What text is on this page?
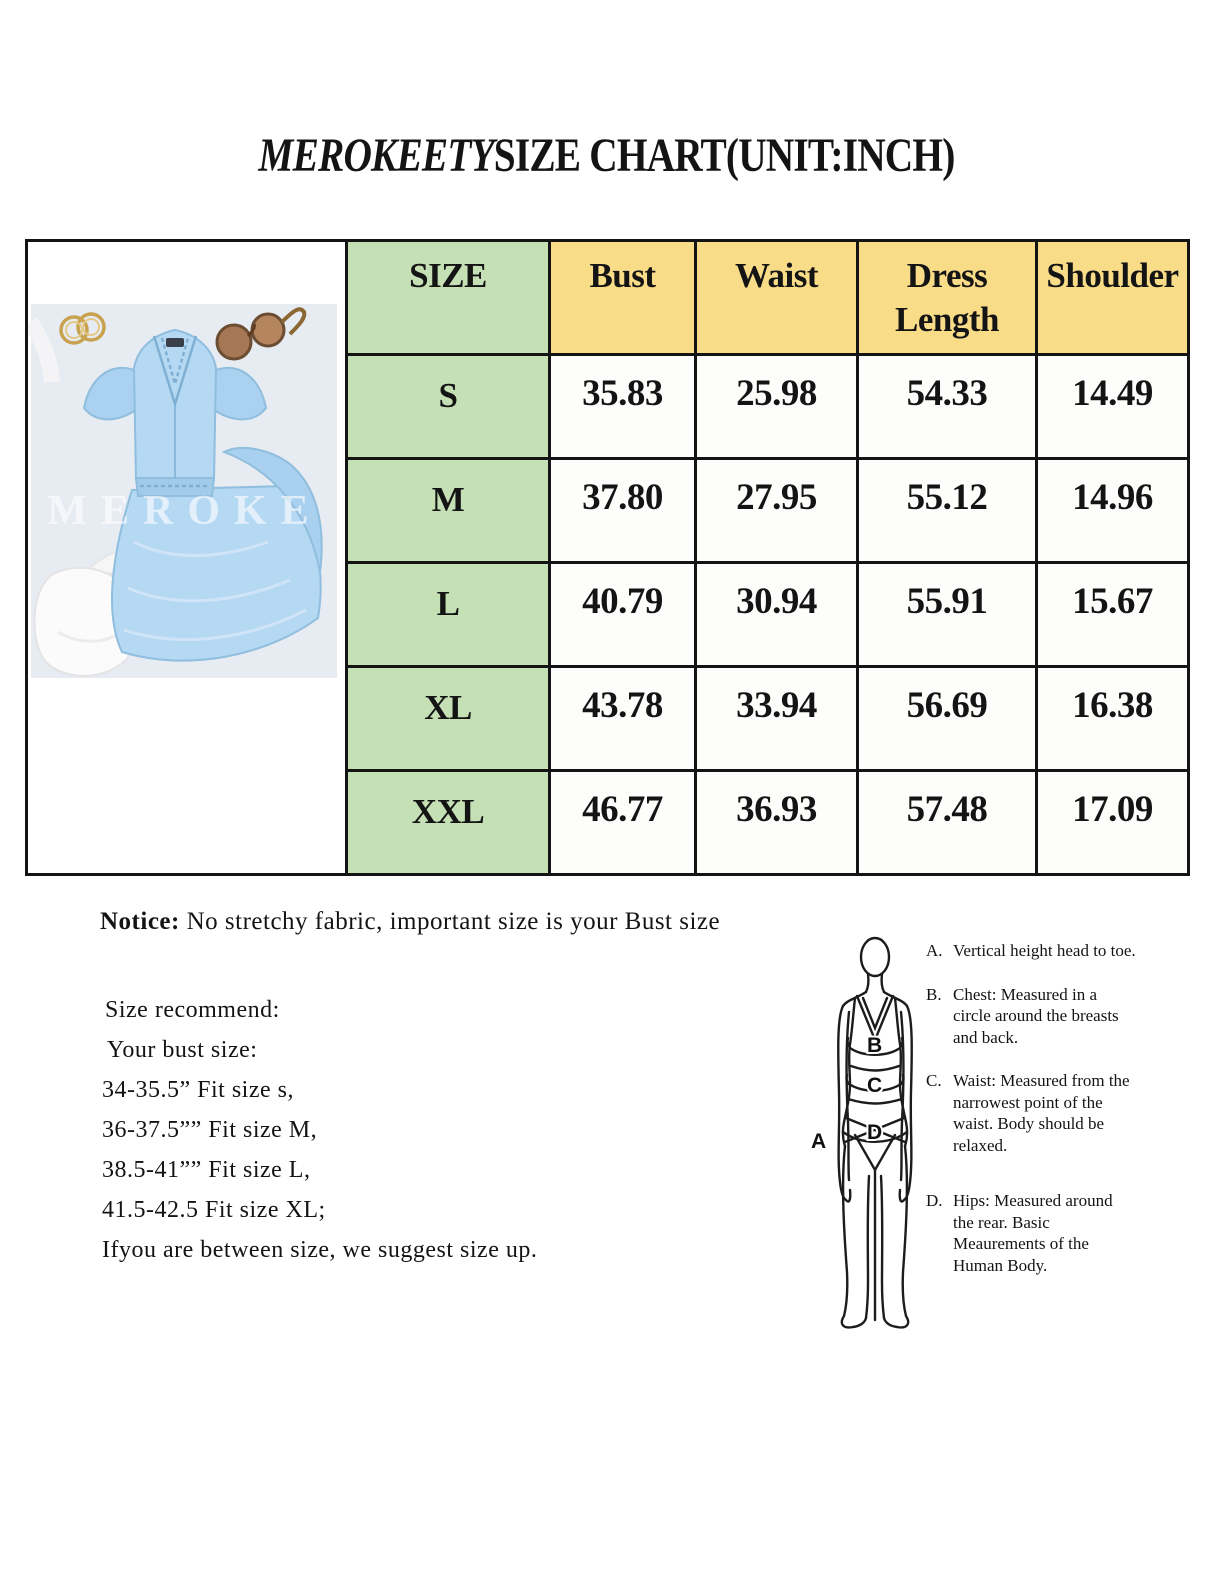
MEROKEETYSIZE CHART(UNIT:INCH)
MEROKE	SIZE	Bust	Waist	Dress Length	Shoulder
	S	35.83	25.98	54.33	14.49
	M	37.80	27.95	55.12	14.96
	L	40.79	30.94	55.91	15.67
	XL	43.78	33.94	56.69	16.38
	XXL	46.77	36.93	57.48	17.09
Notice: No stretchy fabric, important size is your Bust size
Size recommend:
Your bust size:
34-35.5” Fit size s,
36-37.5”” Fit size M,
38.5-41”” Fit size L,
41.5-42.5 Fit size XL;
Ifyou are between size, we suggest size up.
A
B
C
D
A. Vertical height head to toe.
B. Chest: Measured in a circle around the breasts and back.
C. Waist: Measured from the narrowest point of the waist. Body should be relaxed.
D. Hips: Measured around the rear. Basic Meaurements of the Human Body.
